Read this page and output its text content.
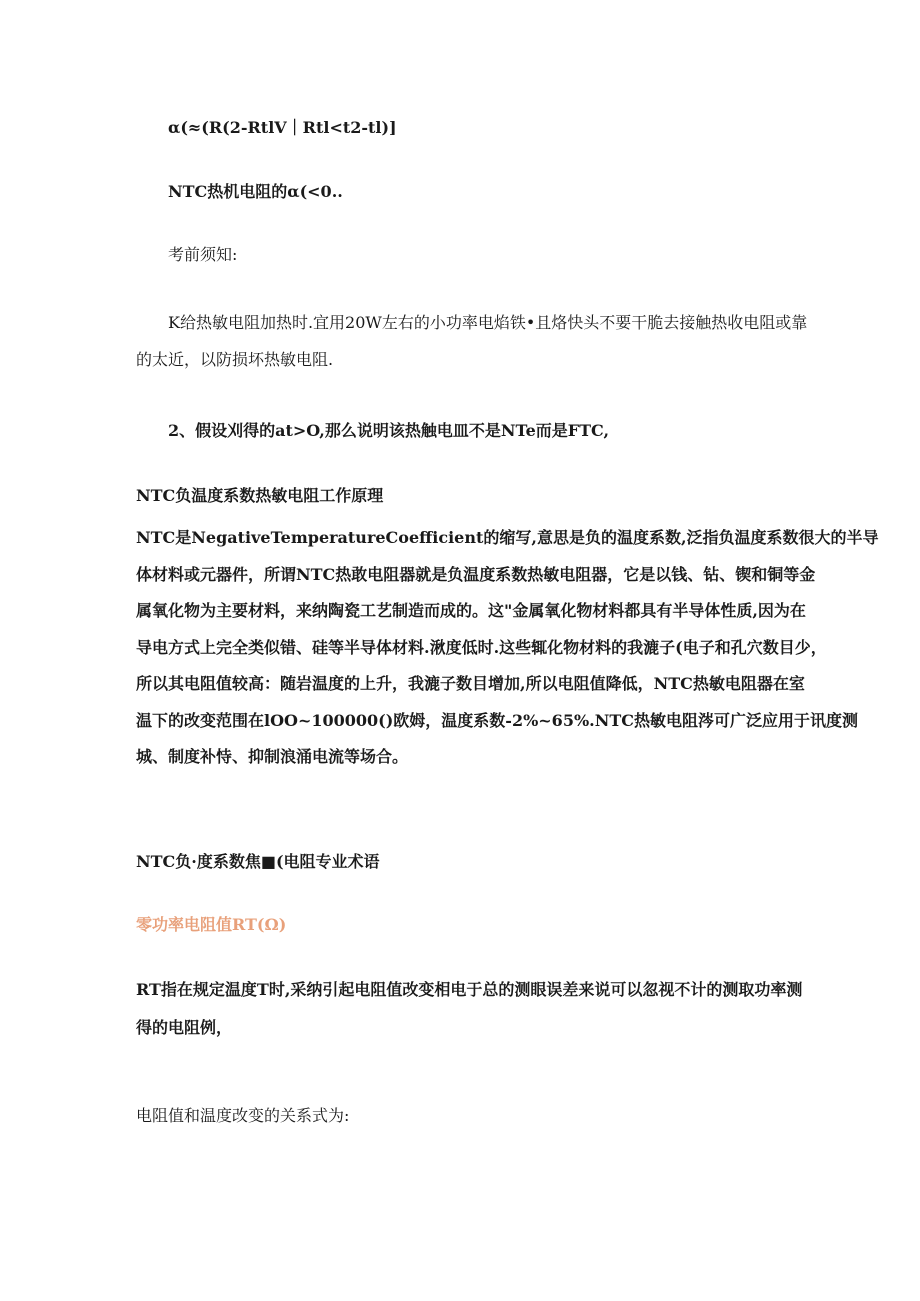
α(≈(R(2-RtlV｜Rtl<t2-tl)]

NTC热机电阻的α(<0..

考前须知:

K给热敏电阻加热时.宜用20W左右的小功率电焰铁•且烙快头不要干脆去接触热收电阻或靠
的太近，以防损坏热敏电阻.

2、假设刈得的at>O,那么说明该热触电皿不是NTe而是FTC,

NTC负温度系数热敏电阻工作原理

NTC是NegativeTemperatureCoefficient的缩写,意思是负的温度系数,泛指负温度系数很大的半导
体材料或元器件，所谓NTC热敢电阻器就是负温度系数热敏电阻器，它是以钱、钻、锲和铜等金
属氧化物为主要材料，来纳陶瓷工艺制造而成的。这"金属氧化物材料都具有半导体性质,因为在
导电方式上完全类似错、硅等半导体材料.湫度低时.这些辄化物材料的我漉子(电子和孔穴数目少，
所以其电阻值较高：随岩温度的上升，我漉子数目增加,所以电阻值降低，NTC热敏电阻器在室
温下的改变范围在lOO~100000()欧姆，温度系数-2%~65%.NTC热敏电阻涔可广泛应用于讯度测
城、制度补恃、抑制浪涌电流等场合。

NTC负·度系数焦■(电阻专业术语

零功率电阻值RT(Ω)

RT指在规定温度T时,采纳引起电阻值改变相电于总的测眼误差来说可以忽视不计的测取功率测
得的电阻例，

电阻值和温度改变的关系式为:
